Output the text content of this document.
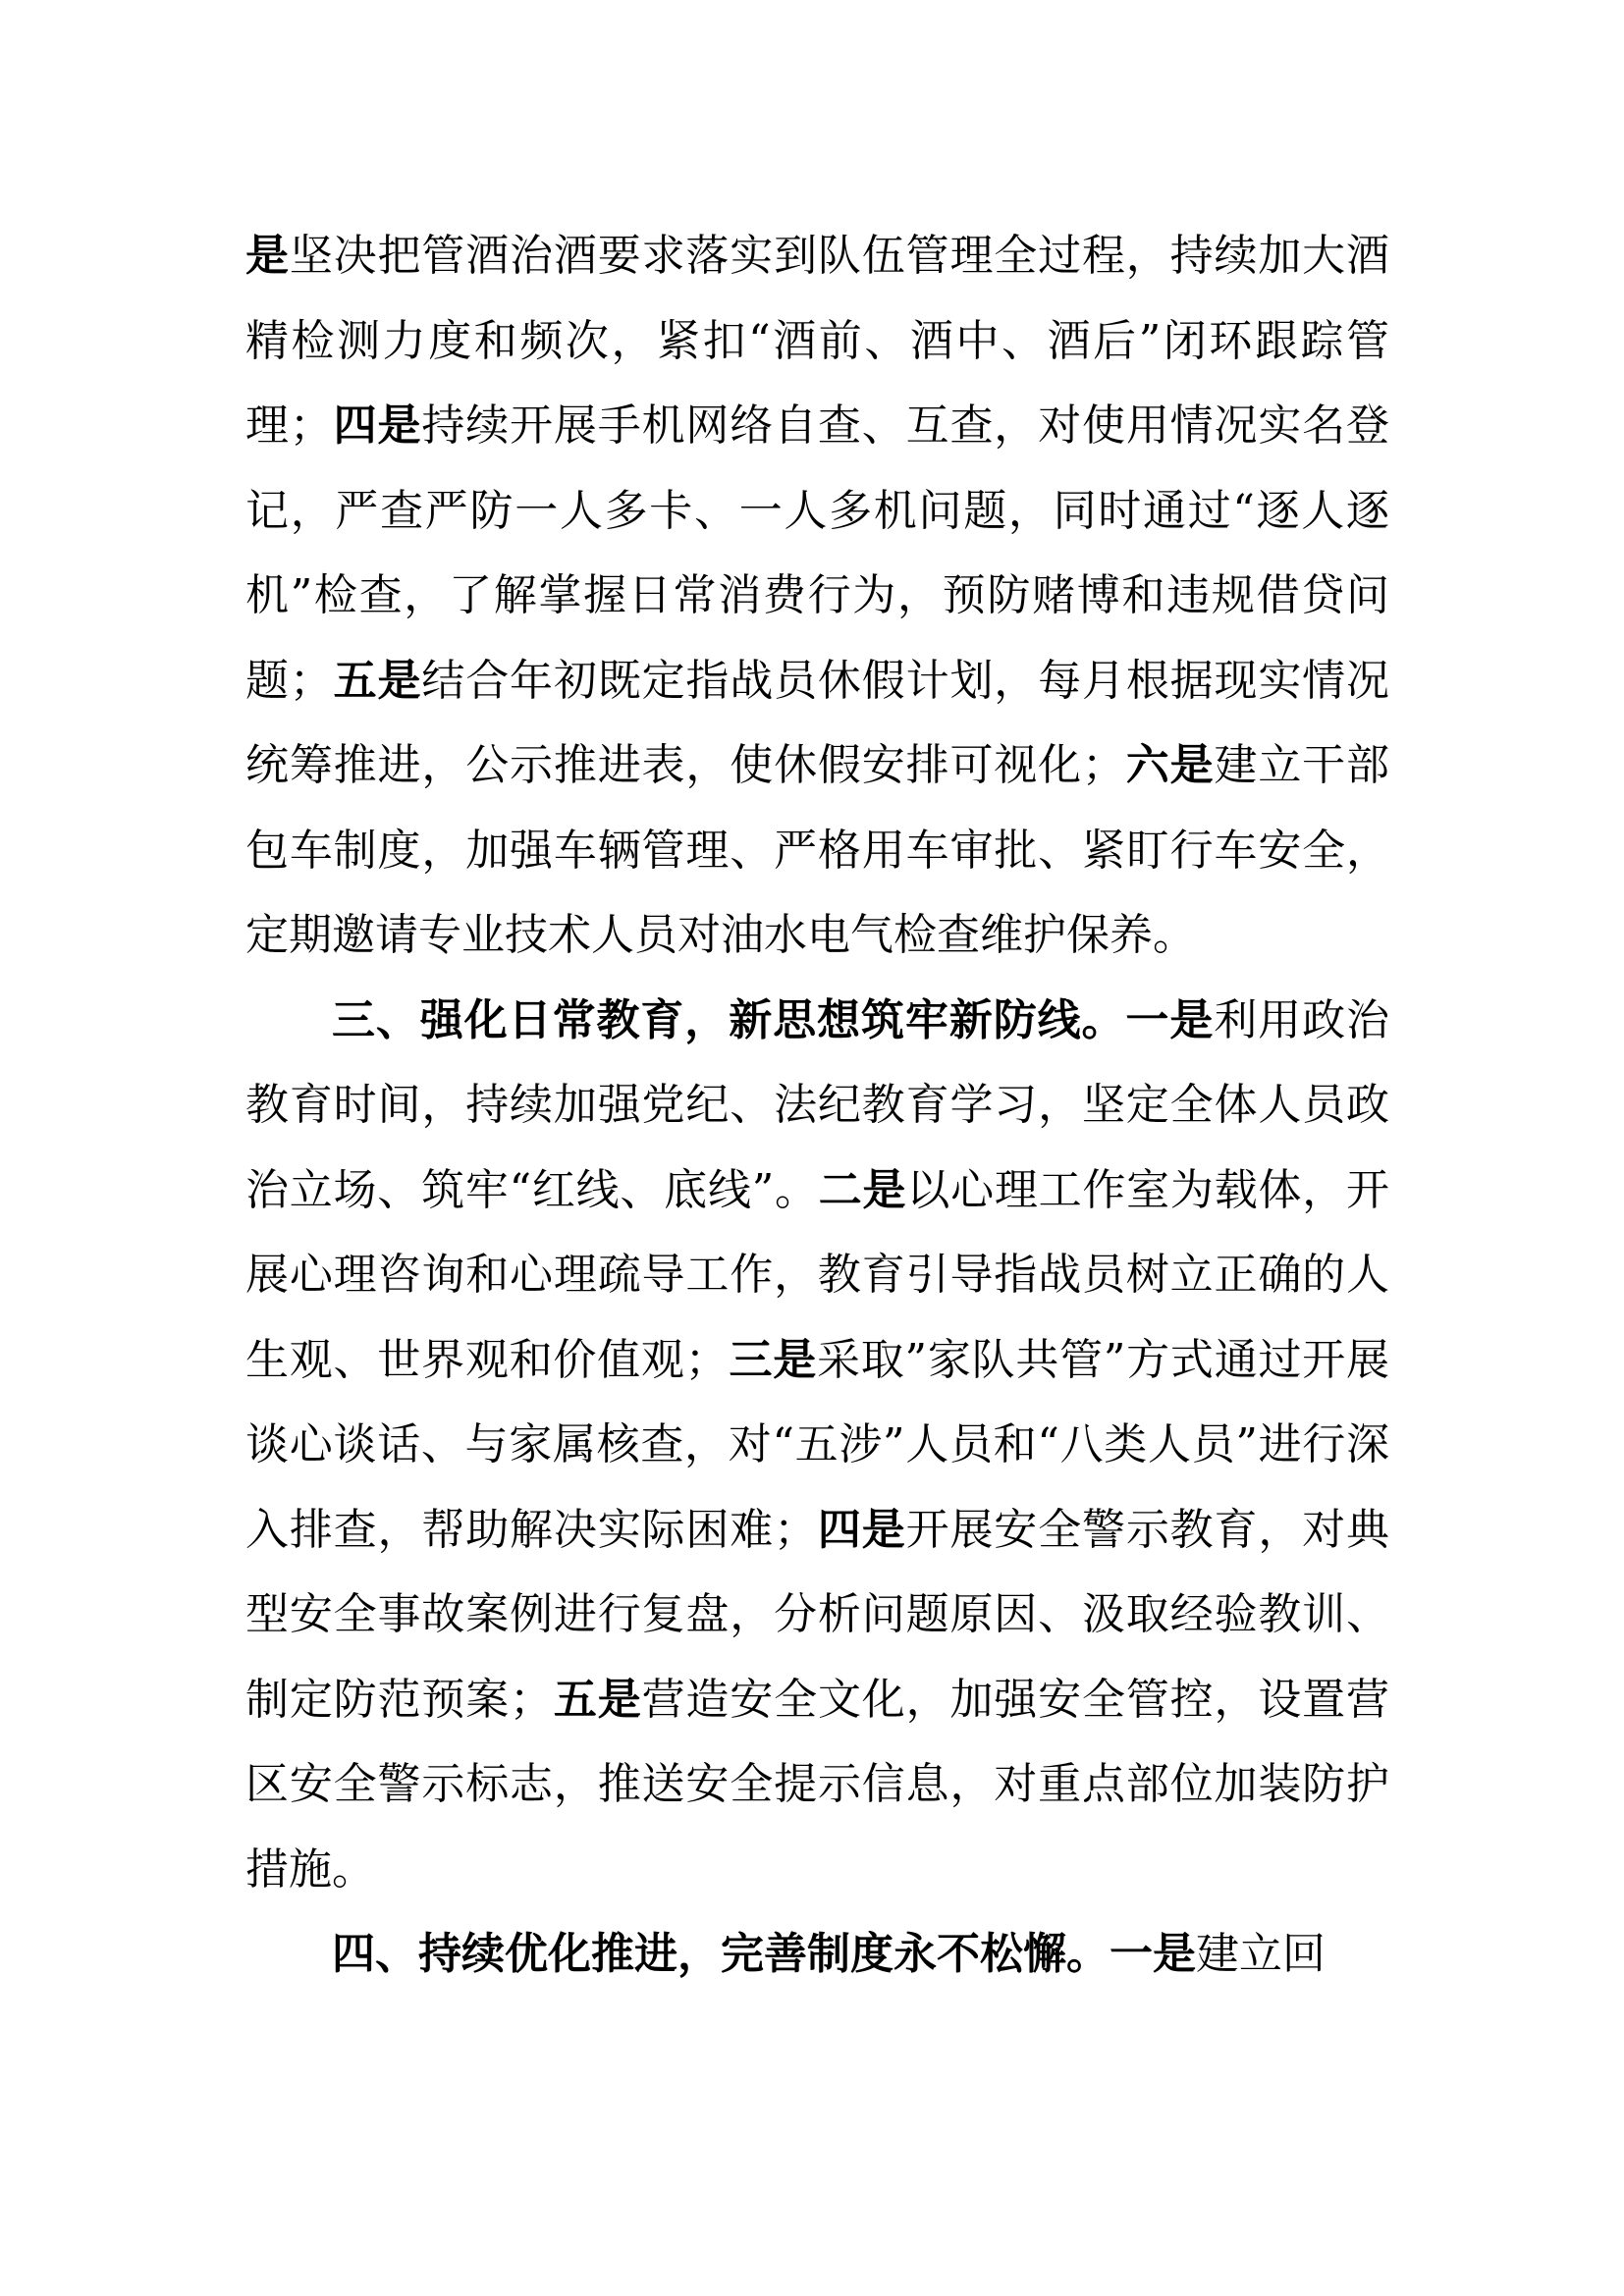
是坚决把管酒治酒要求落实到队伍管理全过程，持续加大酒精检测力度和频次，紧扣“酒前、酒中、酒后”闭环跟踪管理；四是持续开展手机网络自查、互查，对使用情况实名登记，严查严防一人多卡、一人多机问题，同时通过“逐人逐机”检查，了解掌握日常消费行为，预防赌博和违规借贷问题；五是结合年初既定指战员休假计划，每月根据现实情况统筹推进，公示推进表，使休假安排可视化；六是建立干部包车制度，加强车辆管理、严格用车审批、紧盯行车安全，定期邀请专业技术人员对油水电气检查维护保养。

三、强化日常教育，新思想筑牢新防线。一是利用政治教育时间，持续加强党纪、法纪教育学习，坚定全体人员政治立场、筑牢“红线、底线”。二是以心理工作室为载体，开展心理咨询和心理疏导工作，教育引导指战员树立正确的人生观、世界观和价值观；三是采取”家队共管”方式通过开展谈心谈话、与家属核查，对“五涉”人员和“八类人员”进行深入排查，帮助解决实际困难；四是开展安全警示教育，对典型安全事故案例进行复盘，分析问题原因、汲取经验教训、制定防范预案；五是营造安全文化，加强安全管控，设置营区安全警示标志，推送安全提示信息，对重点部位加装防护措施。

四、持续优化推进，完善制度永不松懈。一是建立回
